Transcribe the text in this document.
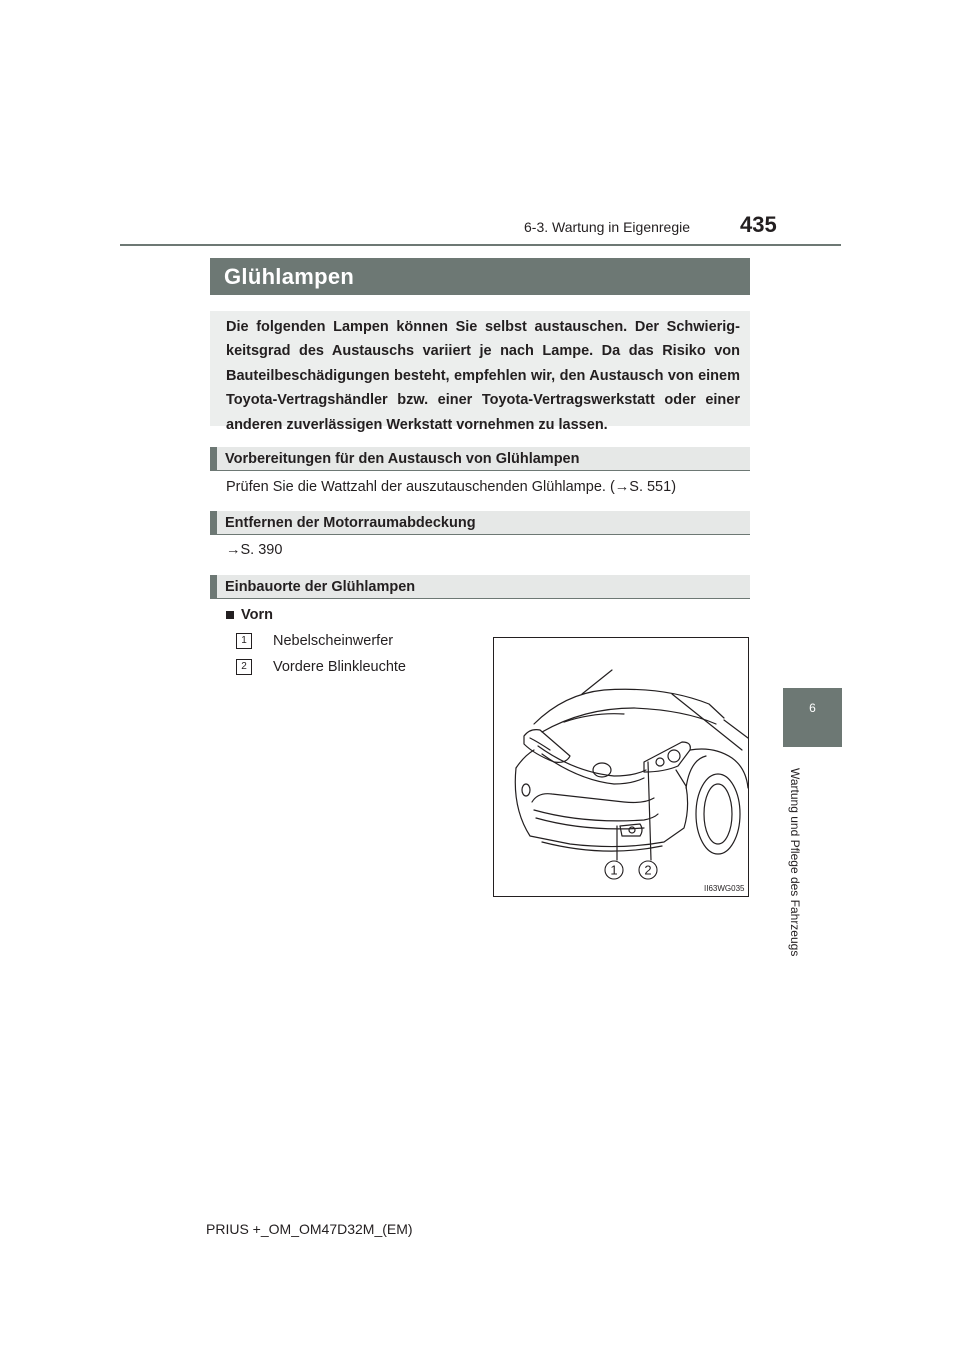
6-3. Wartung in Eigenregie 435
6
Wartung und Pflege des Fahrzeugs
Glühlampen
Die folgenden Lampen können Sie selbst austauschen. Der Schwierig-keitsgrad des Austauschs variiert je nach Lampe. Da das Risiko von Bauteilbeschädigungen besteht, empfehlen wir, den Austausch von einem Toyota-Vertragshändler bzw. einer Toyota-Vertragswerkstatt oder einer anderen zuverlässigen Werkstatt vornehmen zu lassen.
Vorbereitungen für den Austausch von Glühlampen
Prüfen Sie die Wattzahl der auszutauschenden Glühlampe. (→S. 551)
Entfernen der Motorraumabdeckung
→S. 390
Einbauorte der Glühlampen
Vorn
1	Nebelscheinwerfer
2	Vordere Blinkleuchte
1 2
II63WG035
PRIUS +_OM_OM47D32M_(EM)
